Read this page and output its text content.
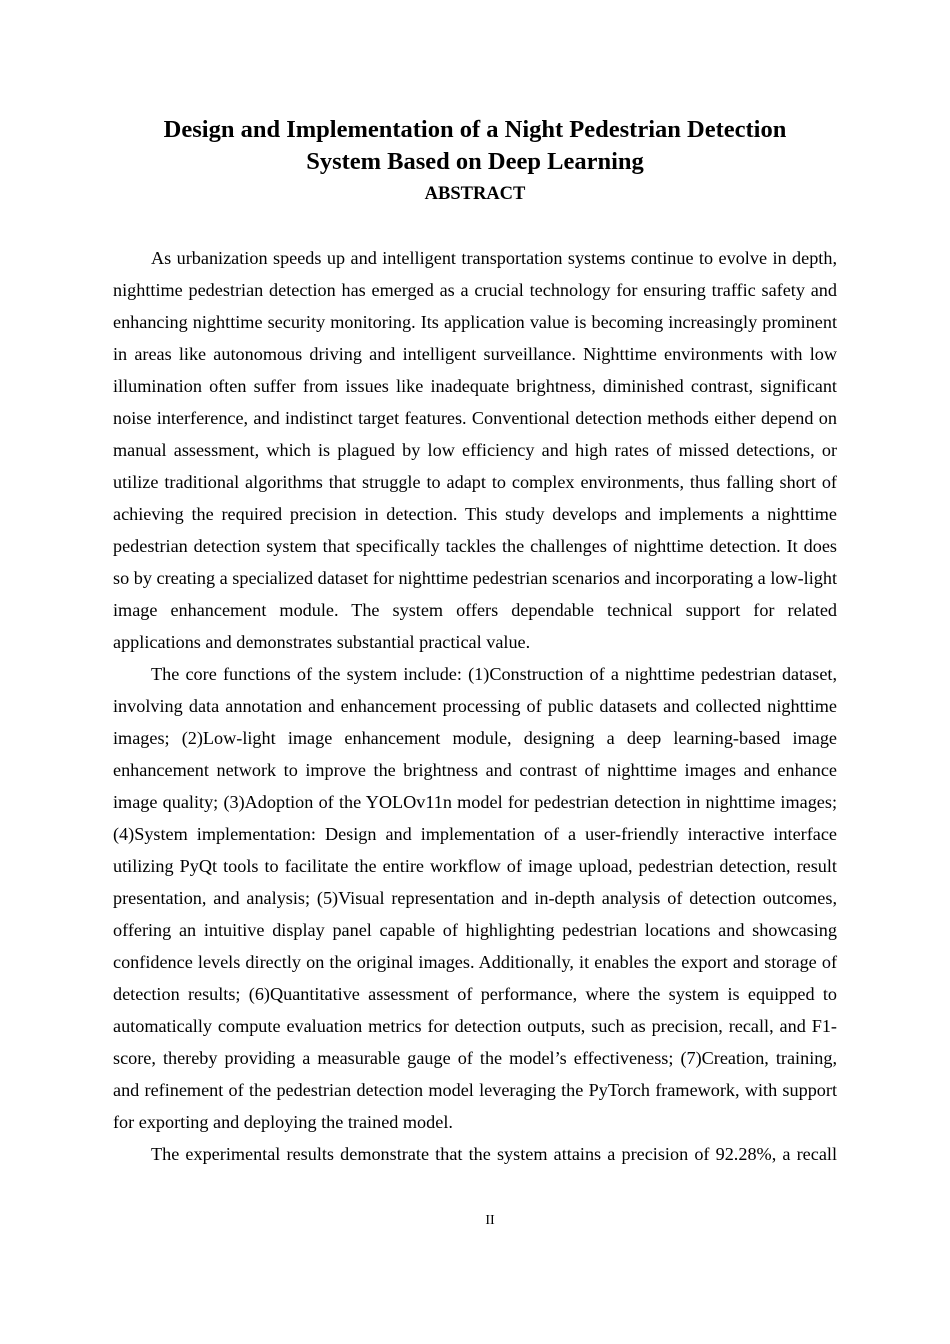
Design and Implementation of a Night Pedestrian Detection
System Based on Deep Learning
ABSTRACT

As urbanization speeds up and intelligent transportation systems continue to evolve in depth, nighttime pedestrian detection has emerged as a crucial technology for ensuring traffic safety and enhancing nighttime security monitoring. Its application value is becoming increasingly prominent in areas like autonomous driving and intelligent surveillance. Nighttime environments with low illumination often suffer from issues like inadequate brightness, diminished contrast, significant noise interference, and indistinct target features. Conventional detection methods either depend on manual assessment, which is plagued by low efficiency and high rates of missed detections, or utilize traditional algorithms that struggle to adapt to complex environments, thus falling short of achieving the required precision in detection. This study develops and implements a nighttime pedestrian detection system that specifically tackles the challenges of nighttime detection. It does so by creating a specialized dataset for nighttime pedestrian scenarios and incorporating a low-light image enhancement module. The system offers dependable technical support for related applications and demonstrates substantial practical value.

The core functions of the system include: (1)Construction of a nighttime pedestrian dataset, involving data annotation and enhancement processing of public datasets and collected nighttime images; (2)Low-light image enhancement module, designing a deep learning-based image enhancement network to improve the brightness and contrast of nighttime images and enhance image quality; (3)Adoption of the YOLOv11n model for pedestrian detection in nighttime images; (4)System implementation: Design and implementation of a user-friendly interactive interface utilizing PyQt tools to facilitate the entire workflow of image upload, pedestrian detection, result presentation, and analysis; (5)Visual representation and in-depth analysis of detection outcomes, offering an intuitive display panel capable of highlighting pedestrian locations and showcasing confidence levels directly on the original images. Additionally, it enables the export and storage of detection results; (6)Quantitative assessment of performance, where the system is equipped to automatically compute evaluation metrics for detection outputs, such as precision, recall, and F1-score, thereby providing a measurable gauge of the model’s effectiveness; (7)Creation, training, and refinement of the pedestrian detection model leveraging the PyTorch framework, with support for exporting and deploying the trained model.

The experimental results demonstrate that the system attains a precision of 92.28%, a recall

II
